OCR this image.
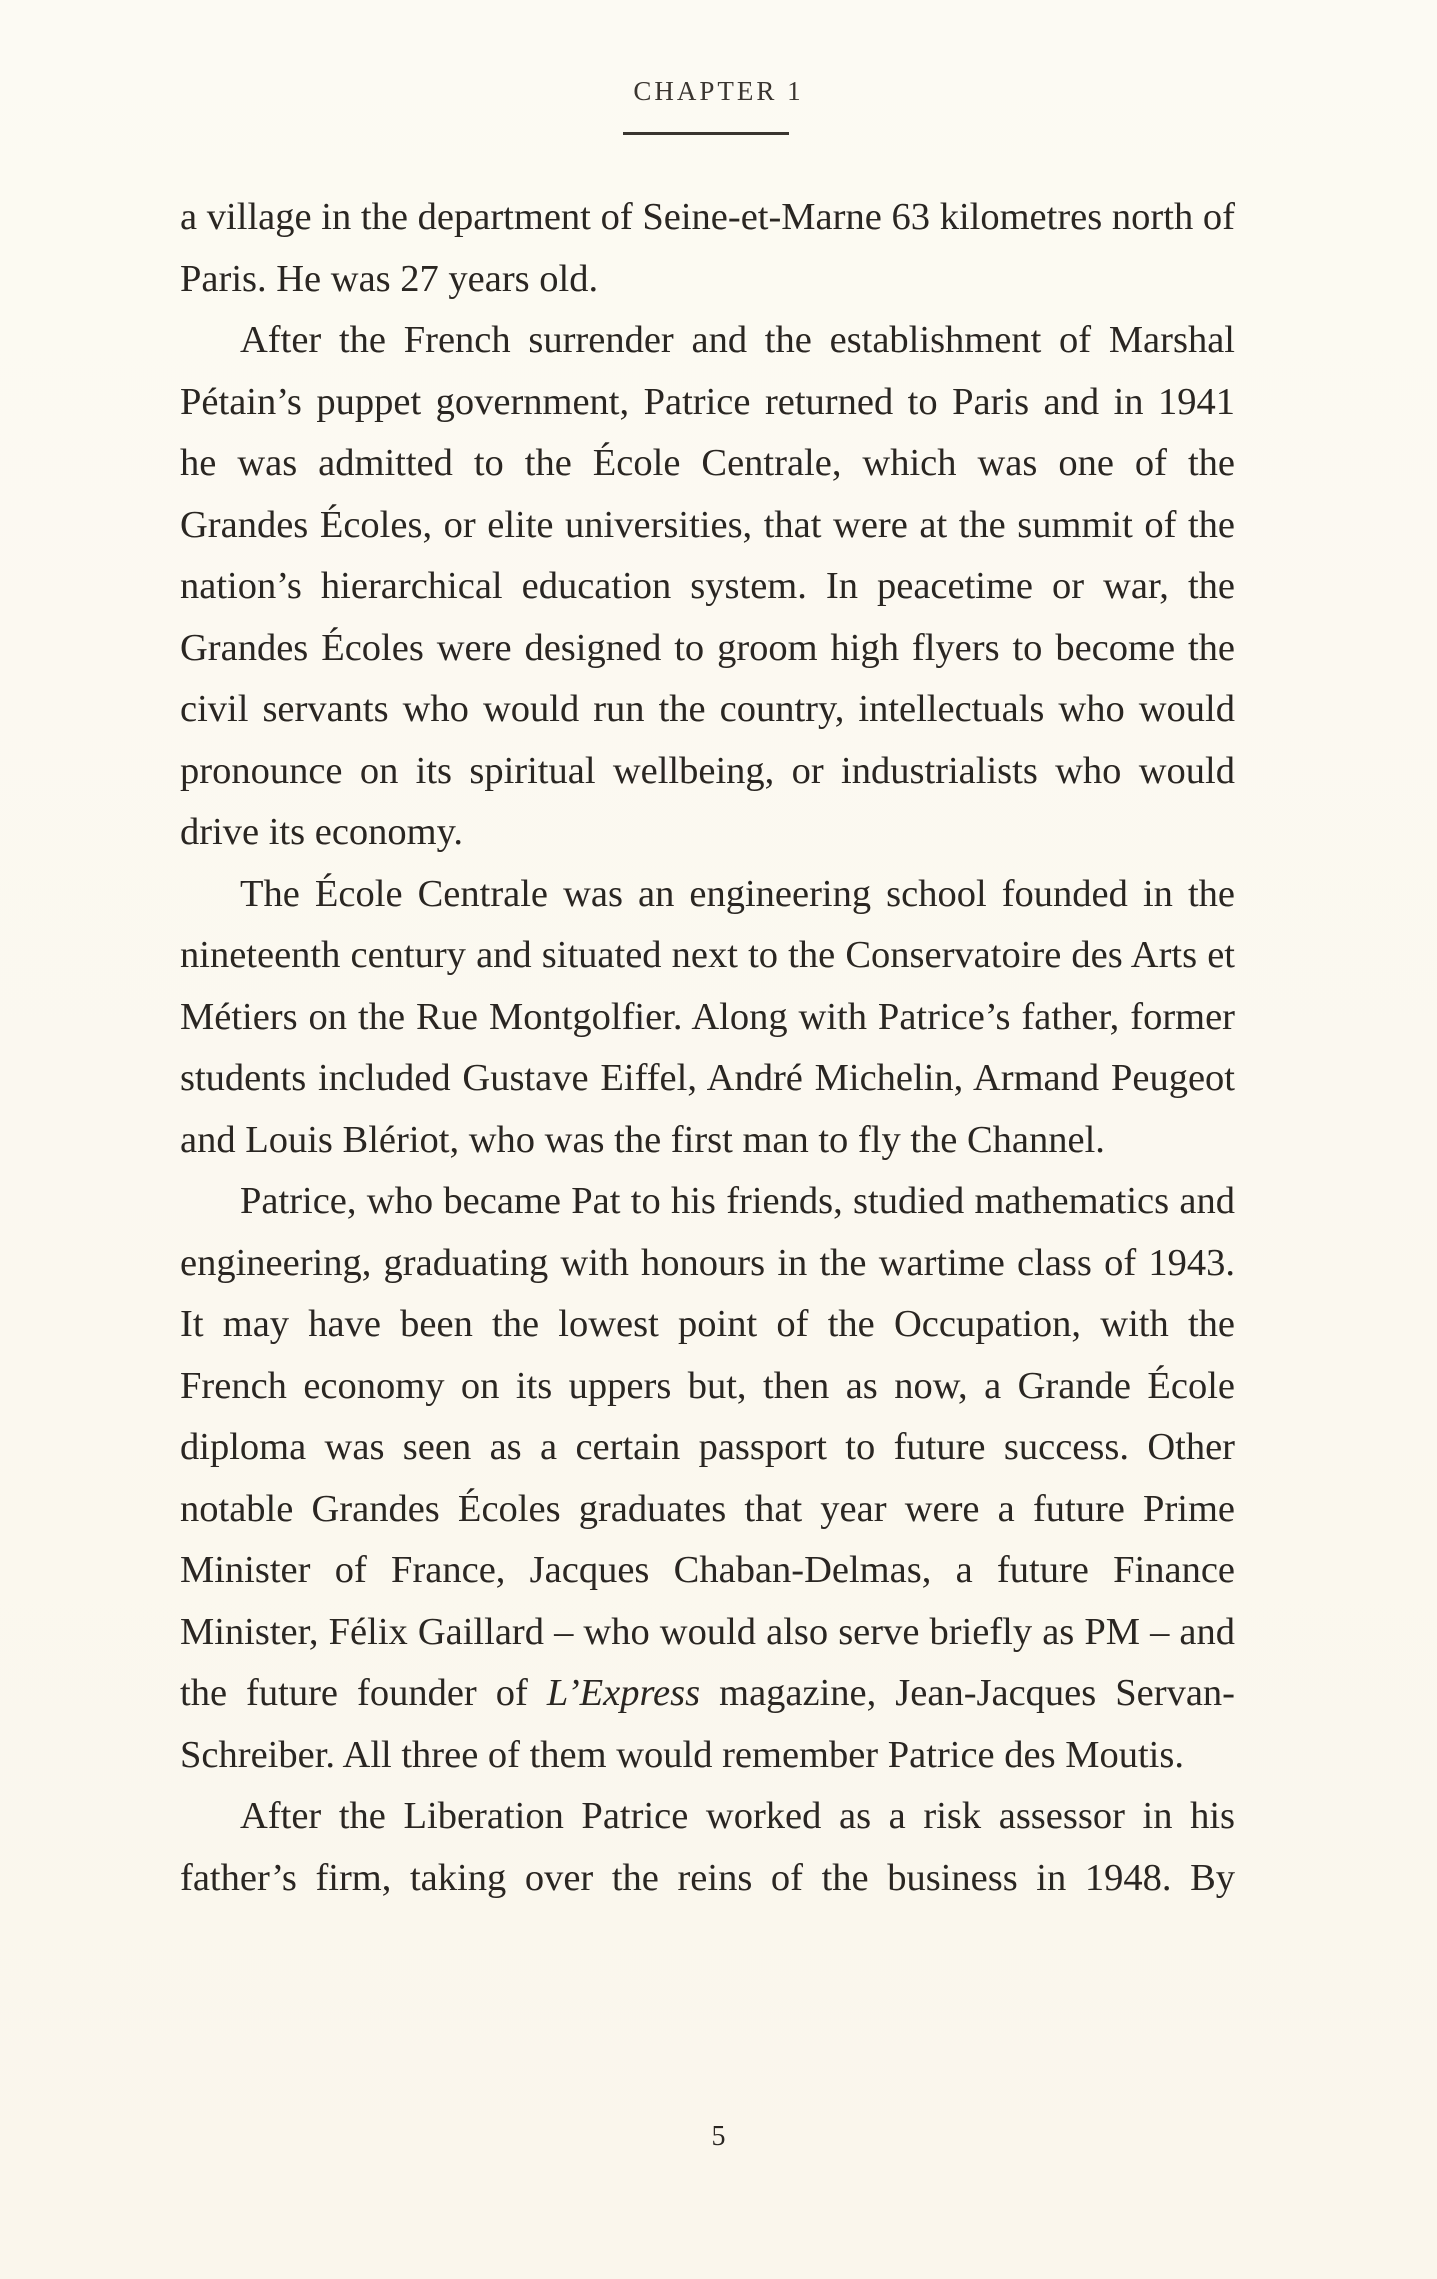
CHAPTER 1

a village in the department of Seine-et-Marne 63 kilometres north of Paris. He was 27 years old.

After the French surrender and the establishment of Marshal Pétain’s puppet government, Patrice returned to Paris and in 1941 he was admitted to the École Centrale, which was one of the Grandes Écoles, or elite universities, that were at the summit of the nation’s hierarchical education system. In peacetime or war, the Grandes Écoles were designed to groom high flyers to become the civil servants who would run the country, intellectuals who would pronounce on its spiritual wellbeing, or industrialists who would drive its economy.

The École Centrale was an engineering school founded in the nineteenth century and situated next to the Conservatoire des Arts et Métiers on the Rue Montgolfier. Along with Patrice’s father, former students included Gustave Eiffel, André Michelin, Armand Peugeot and Louis Blériot, who was the first man to fly the Channel.

Patrice, who became Pat to his friends, studied mathematics and engineering, graduating with honours in the wartime class of 1943. It may have been the lowest point of the Occupation, with the French economy on its uppers but, then as now, a Grande École diploma was seen as a certain passport to future success. Other notable Grandes Écoles graduates that year were a future Prime Minister of France, Jacques Chaban-Delmas, a future Finance Minister, Félix Gaillard – who would also serve briefly as PM – and the future founder of L’Express magazine, Jean-Jacques Servan-Schreiber. All three of them would remember Patrice des Moutis.

After the Liberation Patrice worked as a risk assessor in his father’s firm, taking over the reins of the business in 1948. By

5
